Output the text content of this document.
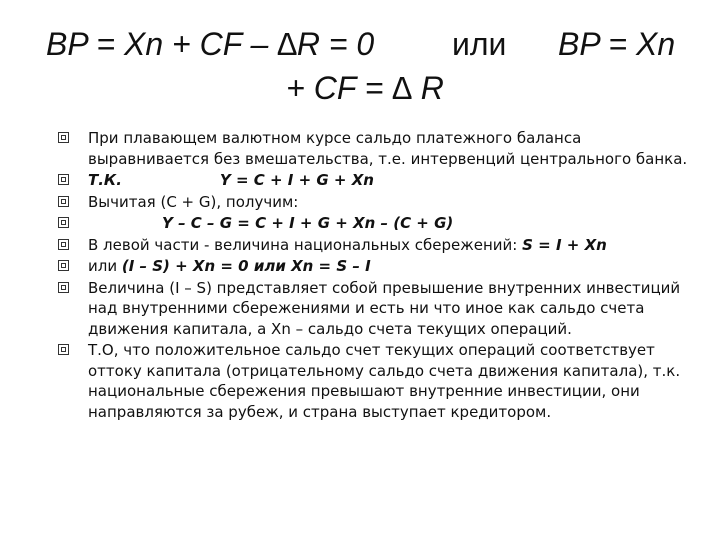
BP = Xn + CF – ∆R = 0 или BP = Xn
+ CF = ∆ R
При плавающем валютном курсе сальдо платежного баланса выравнивается без вмешательства, т.е. интервенций центрального банка.
Т.К.	Y = C + I + G + Xn
Вычитая (C + G), получим:
Y – C – G = C + I + G + Xn – (C + G)
В левой части - величина национальных сбережений: S = I + Xn
или (I – S) + Xn = 0 или Xn = S – I
Величина (I – S) представляет собой превышение внутренних инвестиций над внутренними сбережениями и есть ни что иное как сальдо счета движения капитала, а Xn – сальдо счета текущих операций.
Т.О, что положительное сальдо счет текущих операций соответствует оттоку капитала (отрицательному сальдо счета движения капитала), т.к. национальные сбережения превышают внутренние инвестиции, они направляются за рубеж, и страна выступает кредитором.
